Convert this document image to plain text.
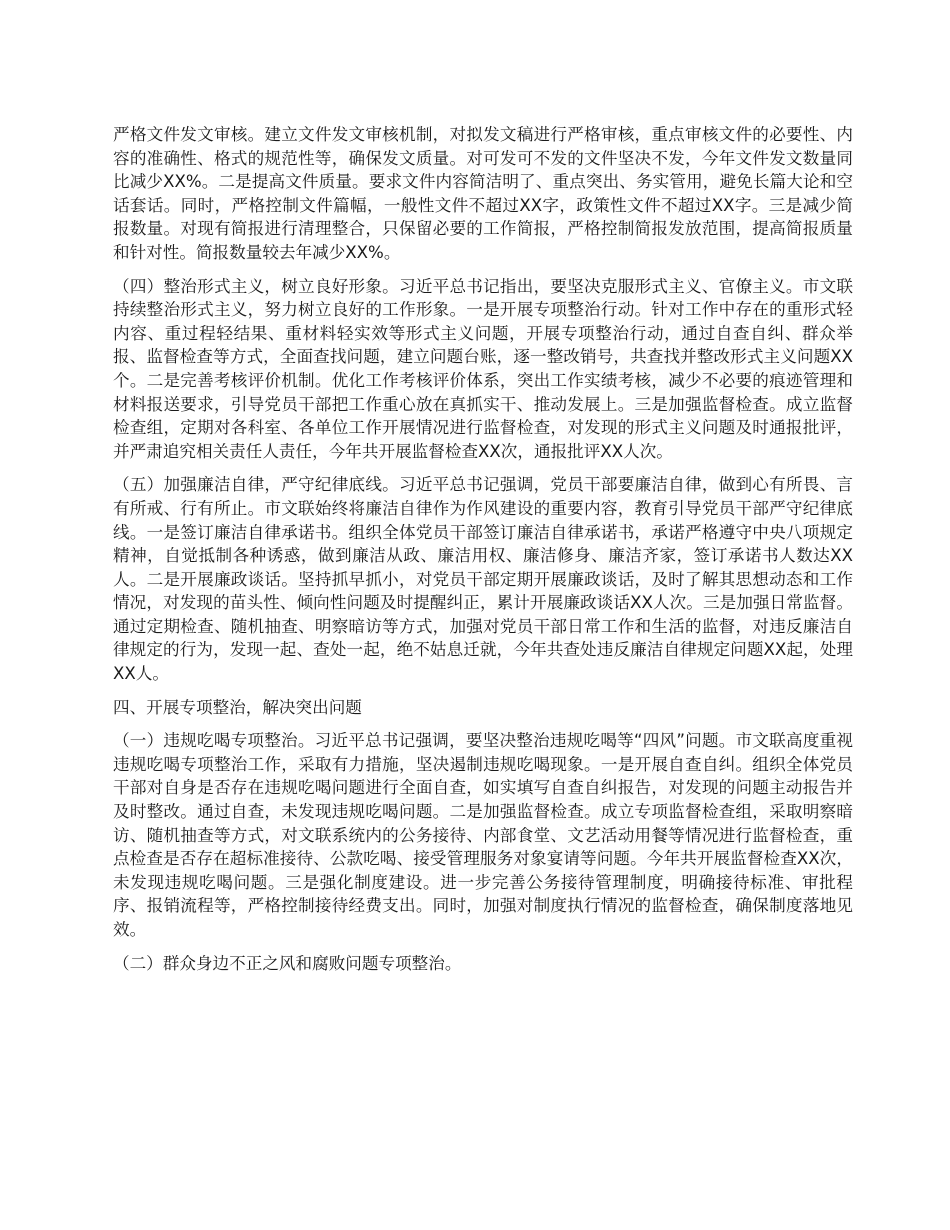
严格文件发文审核。建立文件发文审核机制，对拟发文稿进行严格审核，重点审核文件的必要性、内容的准确性、格式的规范性等，确保发文质量。对可发可不发的文件坚决不发，今年文件发文数量同比减少XX%。二是提高文件质量。要求文件内容简洁明了、重点突出、务实管用，避免长篇大论和空话套话。同时，严格控制文件篇幅，一般性文件不超过XX字，政策性文件不超过XX字。三是减少简报数量。对现有简报进行清理整合，只保留必要的工作简报，严格控制简报发放范围，提高简报质量和针对性。简报数量较去年减少XX%。

（四）整治形式主义，树立良好形象。习近平总书记指出，要坚决克服形式主义、官僚主义。市文联持续整治形式主义，努力树立良好的工作形象。一是开展专项整治行动。针对工作中存在的重形式轻内容、重过程轻结果、重材料轻实效等形式主义问题，开展专项整治行动，通过自查自纠、群众举报、监督检查等方式，全面查找问题，建立问题台账，逐一整改销号，共查找并整改形式主义问题XX个。二是完善考核评价机制。优化工作考核评价体系，突出工作实绩考核，减少不必要的痕迹管理和材料报送要求，引导党员干部把工作重心放在真抓实干、推动发展上。三是加强监督检查。成立监督检查组，定期对各科室、各单位工作开展情况进行监督检查，对发现的形式主义问题及时通报批评，并严肃追究相关责任人责任，今年共开展监督检查XX次，通报批评XX人次。

（五）加强廉洁自律，严守纪律底线。习近平总书记强调，党员干部要廉洁自律，做到心有所畏、言有所戒、行有所止。市文联始终将廉洁自律作为作风建设的重要内容，教育引导党员干部严守纪律底线。一是签订廉洁自律承诺书。组织全体党员干部签订廉洁自律承诺书，承诺严格遵守中央八项规定精神，自觉抵制各种诱惑，做到廉洁从政、廉洁用权、廉洁修身、廉洁齐家，签订承诺书人数达XX人。二是开展廉政谈话。坚持抓早抓小，对党员干部定期开展廉政谈话，及时了解其思想动态和工作情况，对发现的苗头性、倾向性问题及时提醒纠正，累计开展廉政谈话XX人次。三是加强日常监督。通过定期检查、随机抽查、明察暗访等方式，加强对党员干部日常工作和生活的监督，对违反廉洁自律规定的行为，发现一起、查处一起，绝不姑息迁就，今年共查处违反廉洁自律规定问题XX起，处理XX人。

四、开展专项整治，解决突出问题

（一）违规吃喝专项整治。习近平总书记强调，要坚决整治违规吃喝等“四风”问题。市文联高度重视违规吃喝专项整治工作，采取有力措施，坚决遏制违规吃喝现象。一是开展自查自纠。组织全体党员干部对自身是否存在违规吃喝问题进行全面自查，如实填写自查自纠报告，对发现的问题主动报告并及时整改。通过自查，未发现违规吃喝问题。二是加强监督检查。成立专项监督检查组，采取明察暗访、随机抽查等方式，对文联系统内的公务接待、内部食堂、文艺活动用餐等情况进行监督检查，重点检查是否存在超标准接待、公款吃喝、接受管理服务对象宴请等问题。今年共开展监督检查XX次，未发现违规吃喝问题。三是强化制度建设。进一步完善公务接待管理制度，明确接待标准、审批程序、报销流程等，严格控制接待经费支出。同时，加强对制度执行情况的监督检查，确保制度落地见效。

（二）群众身边不正之风和腐败问题专项整治。
